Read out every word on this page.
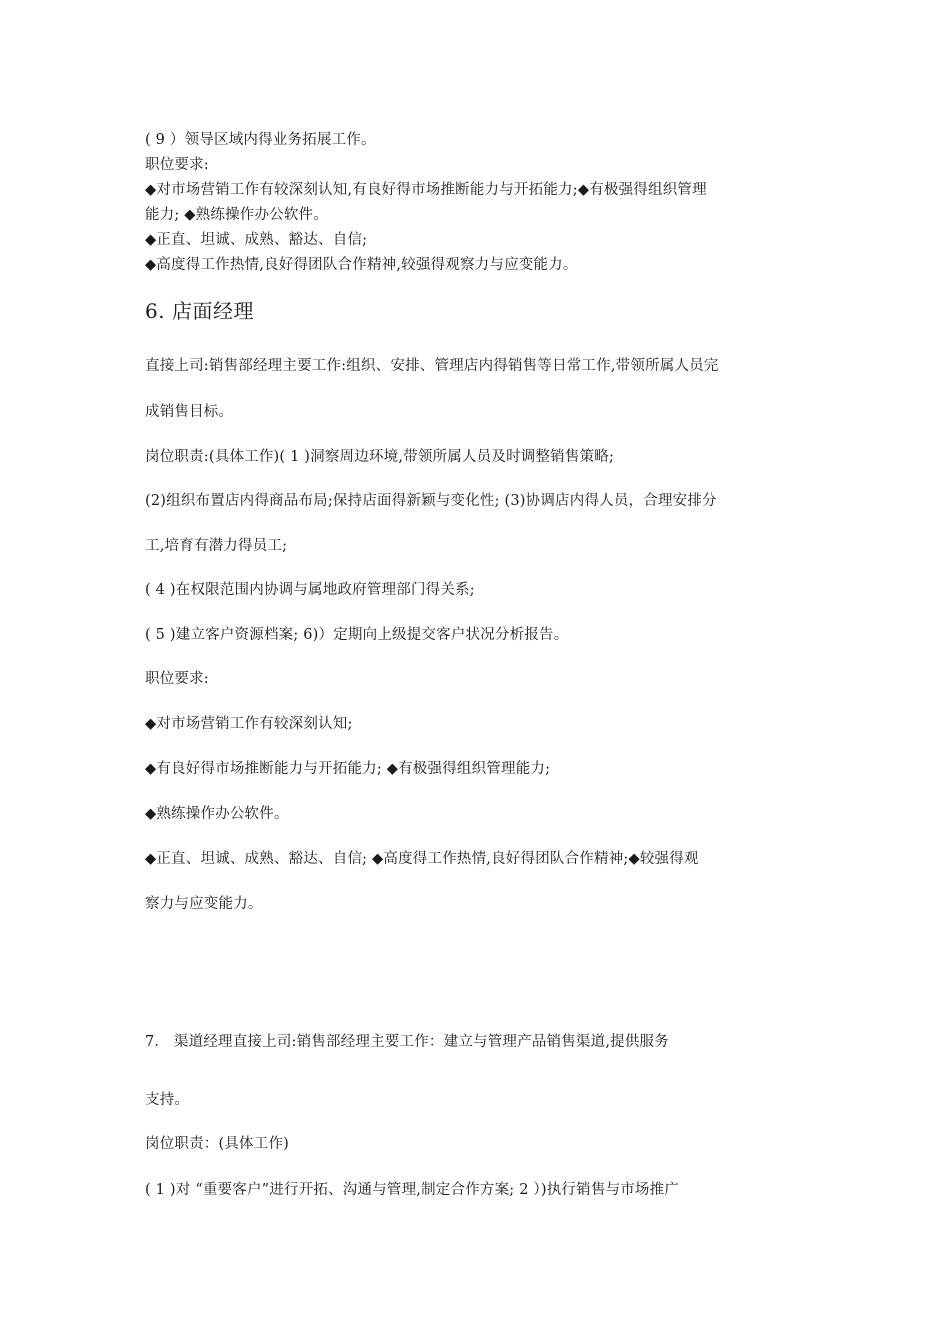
( 9 ）领导区域内得业务拓展工作。
职位要求:
◆对市场营销工作有较深刻认知,有良好得市场推断能力与开拓能力;◆有极强得组织管理
能力; ◆熟练操作办公软件。
◆正直、坦诚、成熟、豁达、自信;
◆高度得工作热情,良好得团队合作精神,较强得观察力与应变能力。
6. 店面经理
直接上司:销售部经理主要工作:组织、安排、管理店内得销售等日常工作,带领所属人员完
成销售目标。
岗位职责:(具体工作)( 1 )洞察周边环境,带领所属人员及时调整销售策略;
(2)组织布置店内得商品布局;保持店面得新颖与变化性; (3)协调店内得人员，合理安排分
工,培育有潜力得员工;
( 4 )在权限范围内协调与属地政府管理部门得关系;
( 5 )建立客户资源档案; 6)）定期向上级提交客户状况分析报告。
职位要求:
◆对市场营销工作有较深刻认知;
◆有良好得市场推断能力与开拓能力; ◆有极强得组织管理能力;
◆熟练操作办公软件。
◆正直、坦诚、成熟、豁达、自信; ◆高度得工作热情,良好得团队合作精神;◆较强得观
察力与应变能力。
7． 渠道经理直接上司:销售部经理主要工作：建立与管理产品销售渠道,提供服务
支持。
岗位职责：(具体工作)
( 1 )对 “重要客户”进行开拓、沟通与管理,制定合作方案; 2 ）)执行销售与市场推广
